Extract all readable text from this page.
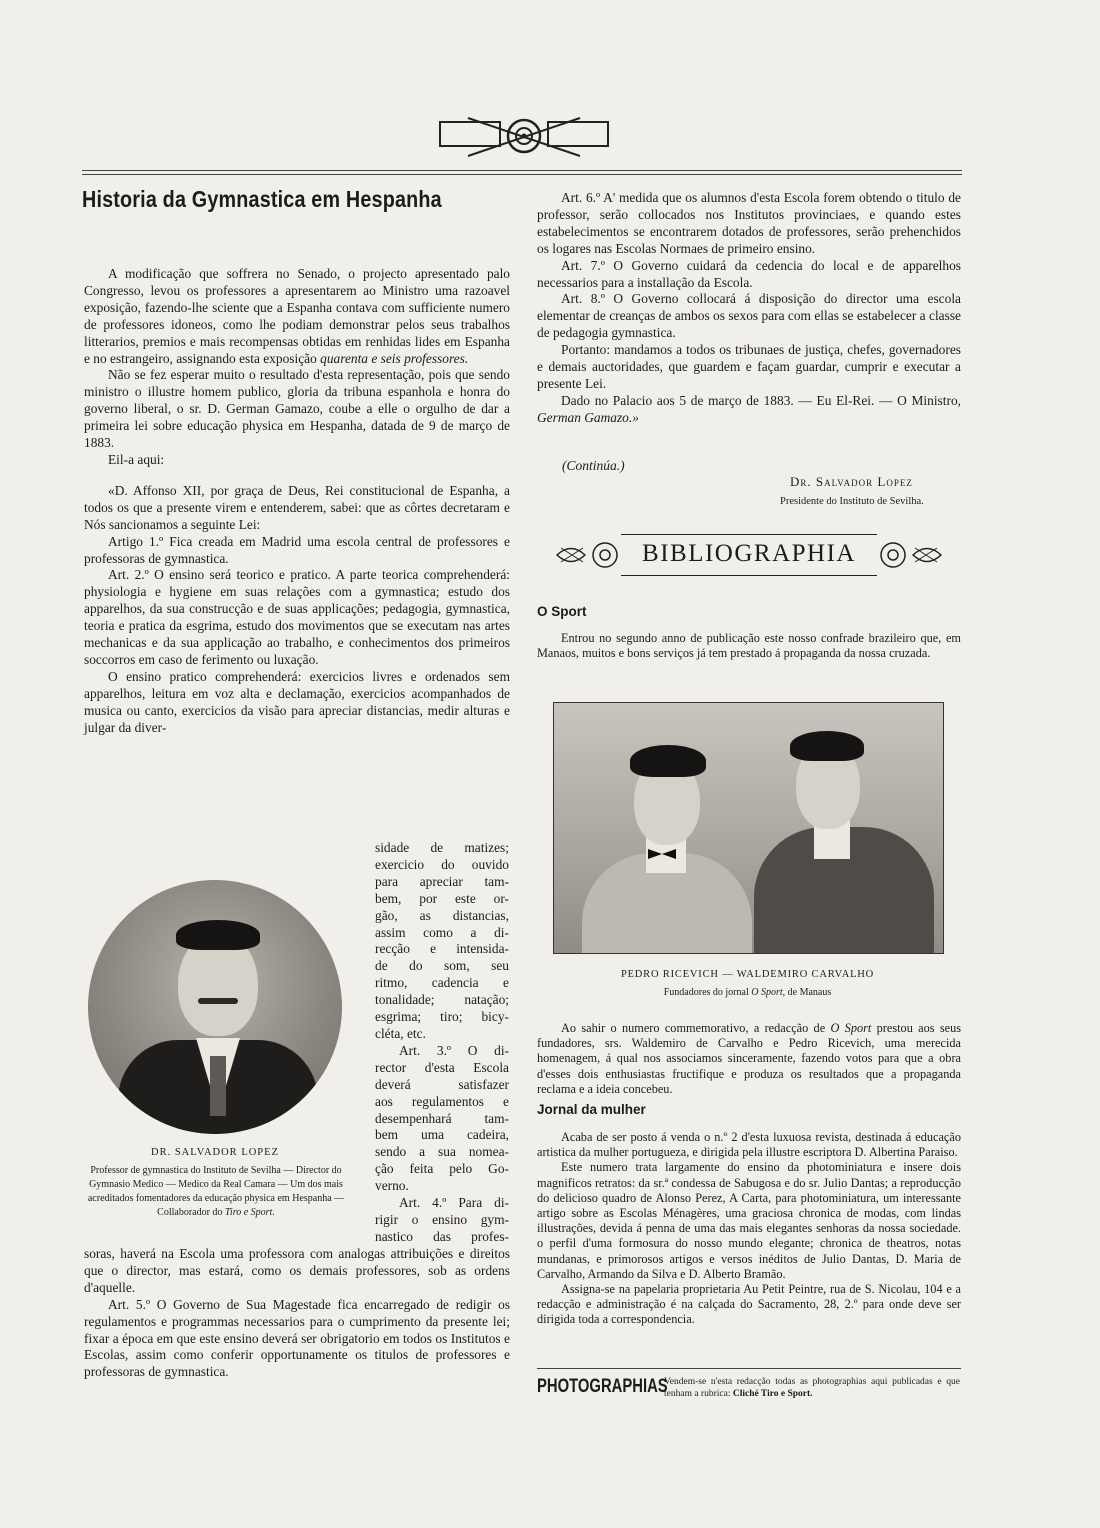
Historia da Gymnastica em Hespanha

A modificação que soffrera no Senado, o projecto apresentado palo Congresso, levou os professores a apresentarem ao Ministro uma razoavel exposição, fazendo-lhe sciente que a Espanha contava com sufficiente numero de professores idoneos, como lhe podiam demonstrar pelos seus trabalhos litterarios, premios e mais recompensas obtidas em renhidas lides em Espanha e no estrangeiro, assignando esta exposição quarenta e seis professores.

Não se fez esperar muito o resultado d'esta representação, pois que sendo ministro o illustre homem publico, gloria da tribuna espanhola e honra do governo liberal, o sr. D. German Gamazo, coube a elle o orgulho de dar a primeira lei sobre educação physica em Hespanha, datada de 9 de março de 1883.

Eil-a aqui:

«D. Affonso XII, por graça de Deus, Rei constitucional de Espanha, a todos os que a presente virem e entenderem, sabei: que as côrtes decretaram e Nós sancionamos a seguinte Lei:

Artigo 1.º Fica creada em Madrid uma escola central de professores e professoras de gymnastica.

Art. 2.º O ensino será teorico e pratico. A parte teorica comprehenderá: physiologia e hygiene em suas relações com a gymnastica; estudo dos apparelhos, da sua construcção e de suas applicações; pedagogia, gymnastica, teoria e pratica da esgrima, estudo dos movimentos que se executam nas artes mechanicas e da sua applicação ao trabalho, e conhecimentos dos primeiros soccorros em caso de ferimento ou luxação.

O ensino pratico comprehenderá: exercicios livres e ordenados sem apparelhos, leitura em voz alta e declamação, exercicios acompanhados de musica ou canto, exercicios da visão para apreciar distancias, medir alturas e julgar da diver-

DR. SALVADOR LOPEZ
Professor de gymnastica do Instituto de Sevilha — Director do Gymnasio Medico — Medico da Real Camara — Um dos mais acreditados fomentadores da educação physica em Hespanha — Collaborador do Tiro e Sport.
sidade de matizes;
exercicio do ouvido
para apreciar tam-
bem, por este or-
gão, as distancias,
assim como a di-
recção e intensida-
de do som, seu
ritmo, cadencia e
tonalidade; natação;
esgrima; tiro; bicy-
cléta, etc.
Art. 3.º O di-
rector d'esta Escola
deverá satisfazer
aos regulamentos e
desempenhará tam-
bem uma cadeira,
sendo a sua nomea-
ção feita pelo Go-
verno.
Art. 4.º Para di-
rigir o ensino gym-
nastico das profes-

soras, haverá na Escola uma professora com analogas attribuições e direitos que o director, mas estará, como os demais professores, sob as ordens d'aquelle.

Art. 5.º O Governo de Sua Magestade fica encarregado de redigir os regulamentos e programmas necessarios para o cumprimento da presente lei; fixar a época em que este ensino deverá ser obrigatorio em todos os Institutos e Escolas, assim como conferir opportunamente os titulos de professores e professoras de gymnastica.

Art. 6.º A' medida que os alumnos d'esta Escola forem obtendo o titulo de professor, serão collocados nos Institutos provinciaes, e quando estes estabelecimentos se encontrarem dotados de professores, serão prehenchidos os logares nas Escolas Normaes de primeiro ensino.

Art. 7.º O Governo cuidará da cedencia do local e de apparelhos necessarios para a installação da Escola.

Art. 8.º O Governo collocará á disposição do director uma escola elementar de creanças de ambos os sexos para com ellas se estabelecer a classe de pedagogia gymnastica.

Portanto: mandamos a todos os tribunaes de justiça, chefes, governadores e demais auctoridades, que guardem e façam guardar, cumprir e executar a presente Lei.

Dado no Palacio aos 5 de março de 1883. — Eu El-Rei. — O Ministro, German Gamazo.»

(Continúa.)
Dr. Salvador Lopez
Presidente do Instituto de Sevilha.
BIBLIOGRAPHIA
O Sport

Entrou no segundo anno de publicação este nosso confrade brazileiro que, em Manaos, muitos e bons serviços já tem prestado á propaganda da nossa cruzada.

PEDRO RICEVICH — WALDEMIRO CARVALHO
Fundadores do jornal O Sport, de Manaus

Ao sahir o numero commemorativo, a redacção de O Sport prestou aos seus fundadores, srs. Waldemiro de Carvalho e Pedro Ricevich, uma merecida homenagem, á qual nos associamos sinceramente, fazendo votos para que a obra d'esses dois enthusiastas fructifique e produza os resultados que a propaganda reclama e a ideia concebeu.

Jornal da mulher

Acaba de ser posto á venda o n.º 2 d'esta luxuosa revista, destinada á educação artistica da mulher portugueza, e dirigida pela illustre escriptora D. Albertina Paraiso.

Este numero trata largamente do ensino da photominiatura e insere dois magnificos retratos: da sr.ª condessa de Sabugosa e do sr. Julio Dantas; a reproducção do delicioso quadro de Alonso Perez, A Carta, para photominiatura, um interessante artigo sobre as Escolas Ménagères, uma graciosa chronica de modas, com lindas illustrações, devida á penna de uma das mais elegantes senhoras da nossa sociedade. o perfil d'uma formosura do nosso mundo elegante; chronica de theatros, notas mundanas, e primorosos artigos e versos inéditos de Julio Dantas, D. Maria de Carvalho, Armando da Silva e D. Alberto Bramão.

Assigna-se na papelaria proprietaria Au Petit Peintre, rua de S. Nicolau, 104 e a redacção e administração é na calçada do Sacramento, 28, 2.º para onde deve ser dirigida toda a correspondencia.

PHOTOGRAPHIAS
Vendem-se n'esta redacção todas as photographias aqui publicadas e que tenham a rubrica: Cliché Tiro e Sport.
